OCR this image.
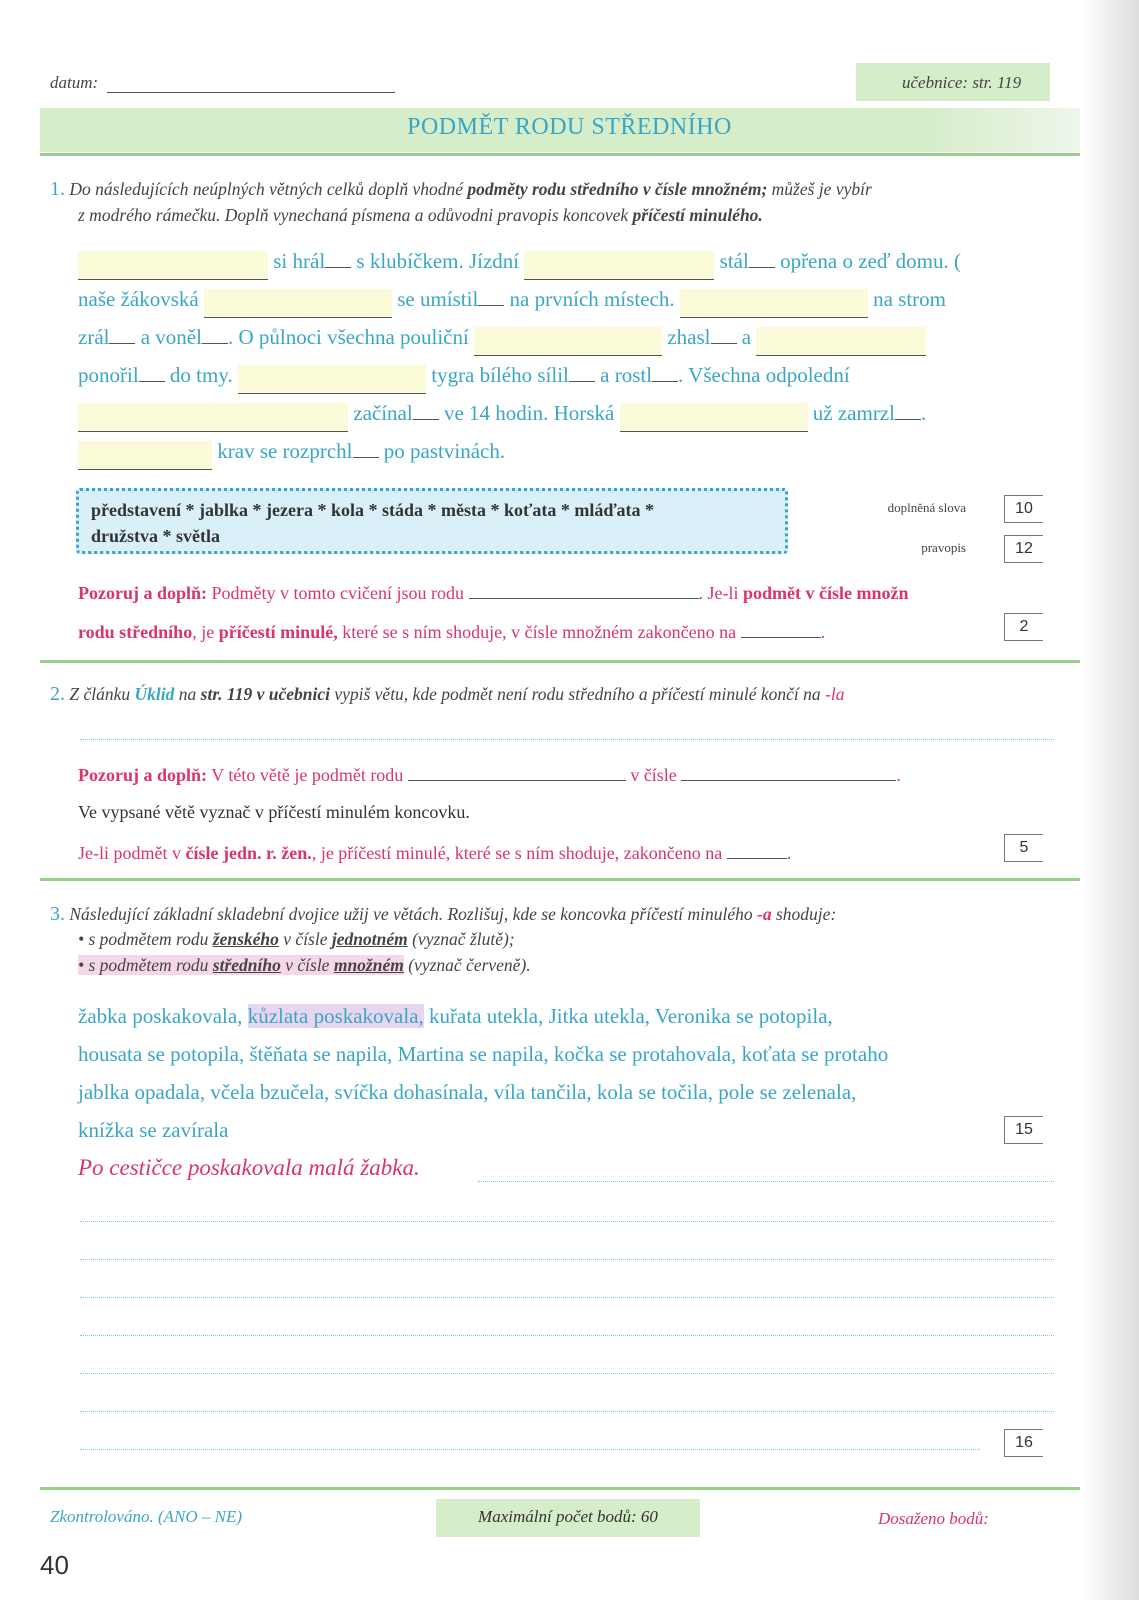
datum:	učebnice: str. 119
PODMĚT RODU STŘEDNÍHO
1. Do následujících neúplných větných celků doplň vhodné podměty rodu středního v čísle množném; můžeš je vybír
z modrého rámečku. Doplň vynechaná písmena a odůvodni pravopis koncovek příčestí minulého.
si hrál s klubíčkem. Jízdní	stál opřena o zeď domu. (
naše žákovská	se umístil na prvních místech.	na strom
zrál a voněl . O půlnoci všechna pouliční	zhasl a
ponořil do tmy.	tygra bílého sílil a rostl . Všechna odpolední
začínal ve 14 hodin. Horská	už zamrzl .
krav se rozprchl po pastvinách.
představení * jablka * jezera * kola * stáda * města * koťata * mláďata *
družstva * světla
doplněná slova	10
pravopis	12
Pozoruj a doplň: Podměty v tomto cvičení jsou rodu	. Je-li podmět v čísle množn
rodu středního, je příčestí minulé, které se s ním shoduje, v čísle množném zakončeno na	.	2
2. Z článku Úklid na str. 119 v učebnici vypiš větu, kde podmět není rodu středního a příčestí minulé končí na -la
Pozoruj a doplň: V této větě je podmět rodu	v čísle	.
Ve vypsané větě vyznač v příčestí minulém koncovku.
Je-li podmět v čísle jedn. r. žen., je příčestí minulé, které se s ním shoduje, zakončeno na	.	5
3. Následující základní skladební dvojice užij ve větách. Rozlišuj, kde se koncovka příčestí minulého -a shoduje:
• s podmětem rodu ženského v čísle jednotném (vyznač žlutě);
• s podmětem rodu středního v čísle množném (vyznač červeně).
žabka poskakovala, kůzlata poskakovala, kuřata utekla, Jitka utekla, Veronika se potopila,
housata se potopila, štěňata se napila, Martina se napila, kočka se protahovala, koťata se protaho
jablka opadala, včela bzučela, svíčka dohasínala, víla tančila, kola se točila, pole se zelenala,
knížka se zavírala	15
Po cestičce poskakovala malá žabka.
16
Zkontrolováno. (ANO – NE)	Maximální počet bodů: 60	Dosaženo bodů:
40
